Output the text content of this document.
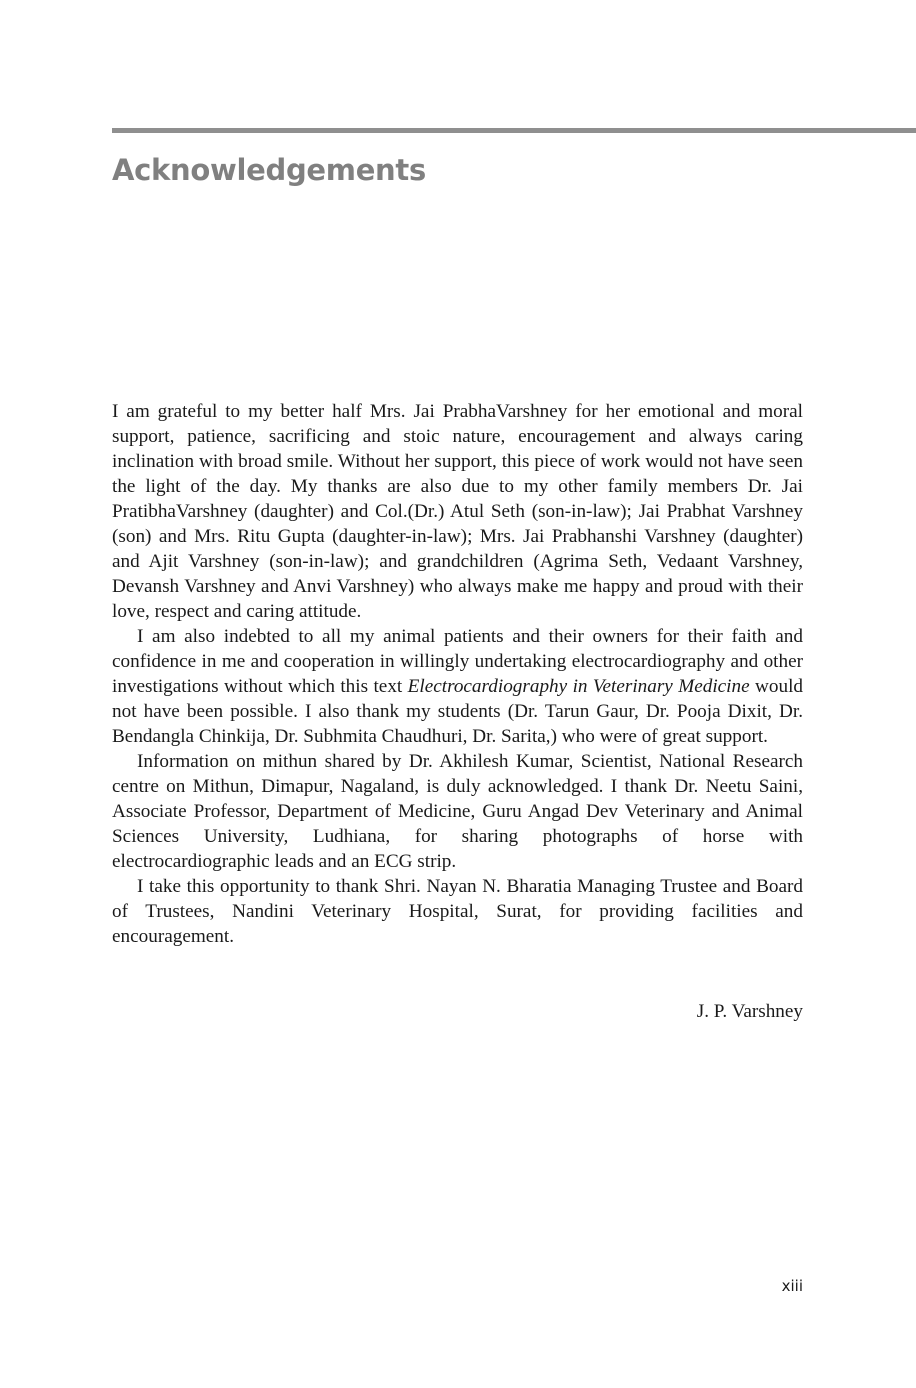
Acknowledgements

I am grateful to my better half Mrs. Jai PrabhaVarshney for her emotional and moral support, patience, sacrificing and stoic nature, encouragement and always caring inclination with broad smile. Without her support, this piece of work would not have seen the light of the day. My thanks are also due to my other family members Dr. Jai PratibhaVarshney (daughter) and Col.(Dr.) Atul Seth (son-in-law); Jai Prabhat Varshney (son) and Mrs. Ritu Gupta (daughter-in-law); Mrs. Jai Prabhanshi Varshney (daughter) and Ajit Varshney (son-in-law); and grandchildren (Agrima Seth, Vedaant Varshney, Devansh Varshney and Anvi Varshney) who always make me happy and proud with their love, respect and caring attitude.

I am also indebted to all my animal patients and their owners for their faith and confidence in me and cooperation in willingly undertaking electrocardiography and other investigations without which this text Electrocardiography in Veterinary Medicine would not have been possible. I also thank my students (Dr. Tarun Gaur, Dr. Pooja Dixit, Dr. Bendangla Chinkija, Dr. Subhmita Chaudhuri, Dr. Sarita,) who were of great support.

Information on mithun shared by Dr. Akhilesh Kumar, Scientist, National Research centre on Mithun, Dimapur, Nagaland, is duly acknowledged. I thank Dr. Neetu Saini, Associate Professor, Department of Medicine, Guru Angad Dev Veterinary and Animal Sciences University, Ludhiana, for sharing photographs of horse with electrocardiographic leads and an ECG strip.

I take this opportunity to thank Shri. Nayan N. Bharatia Managing Trustee and Board of Trustees, Nandini Veterinary Hospital, Surat, for providing facilities and encouragement.

J. P. Varshney
xiii
